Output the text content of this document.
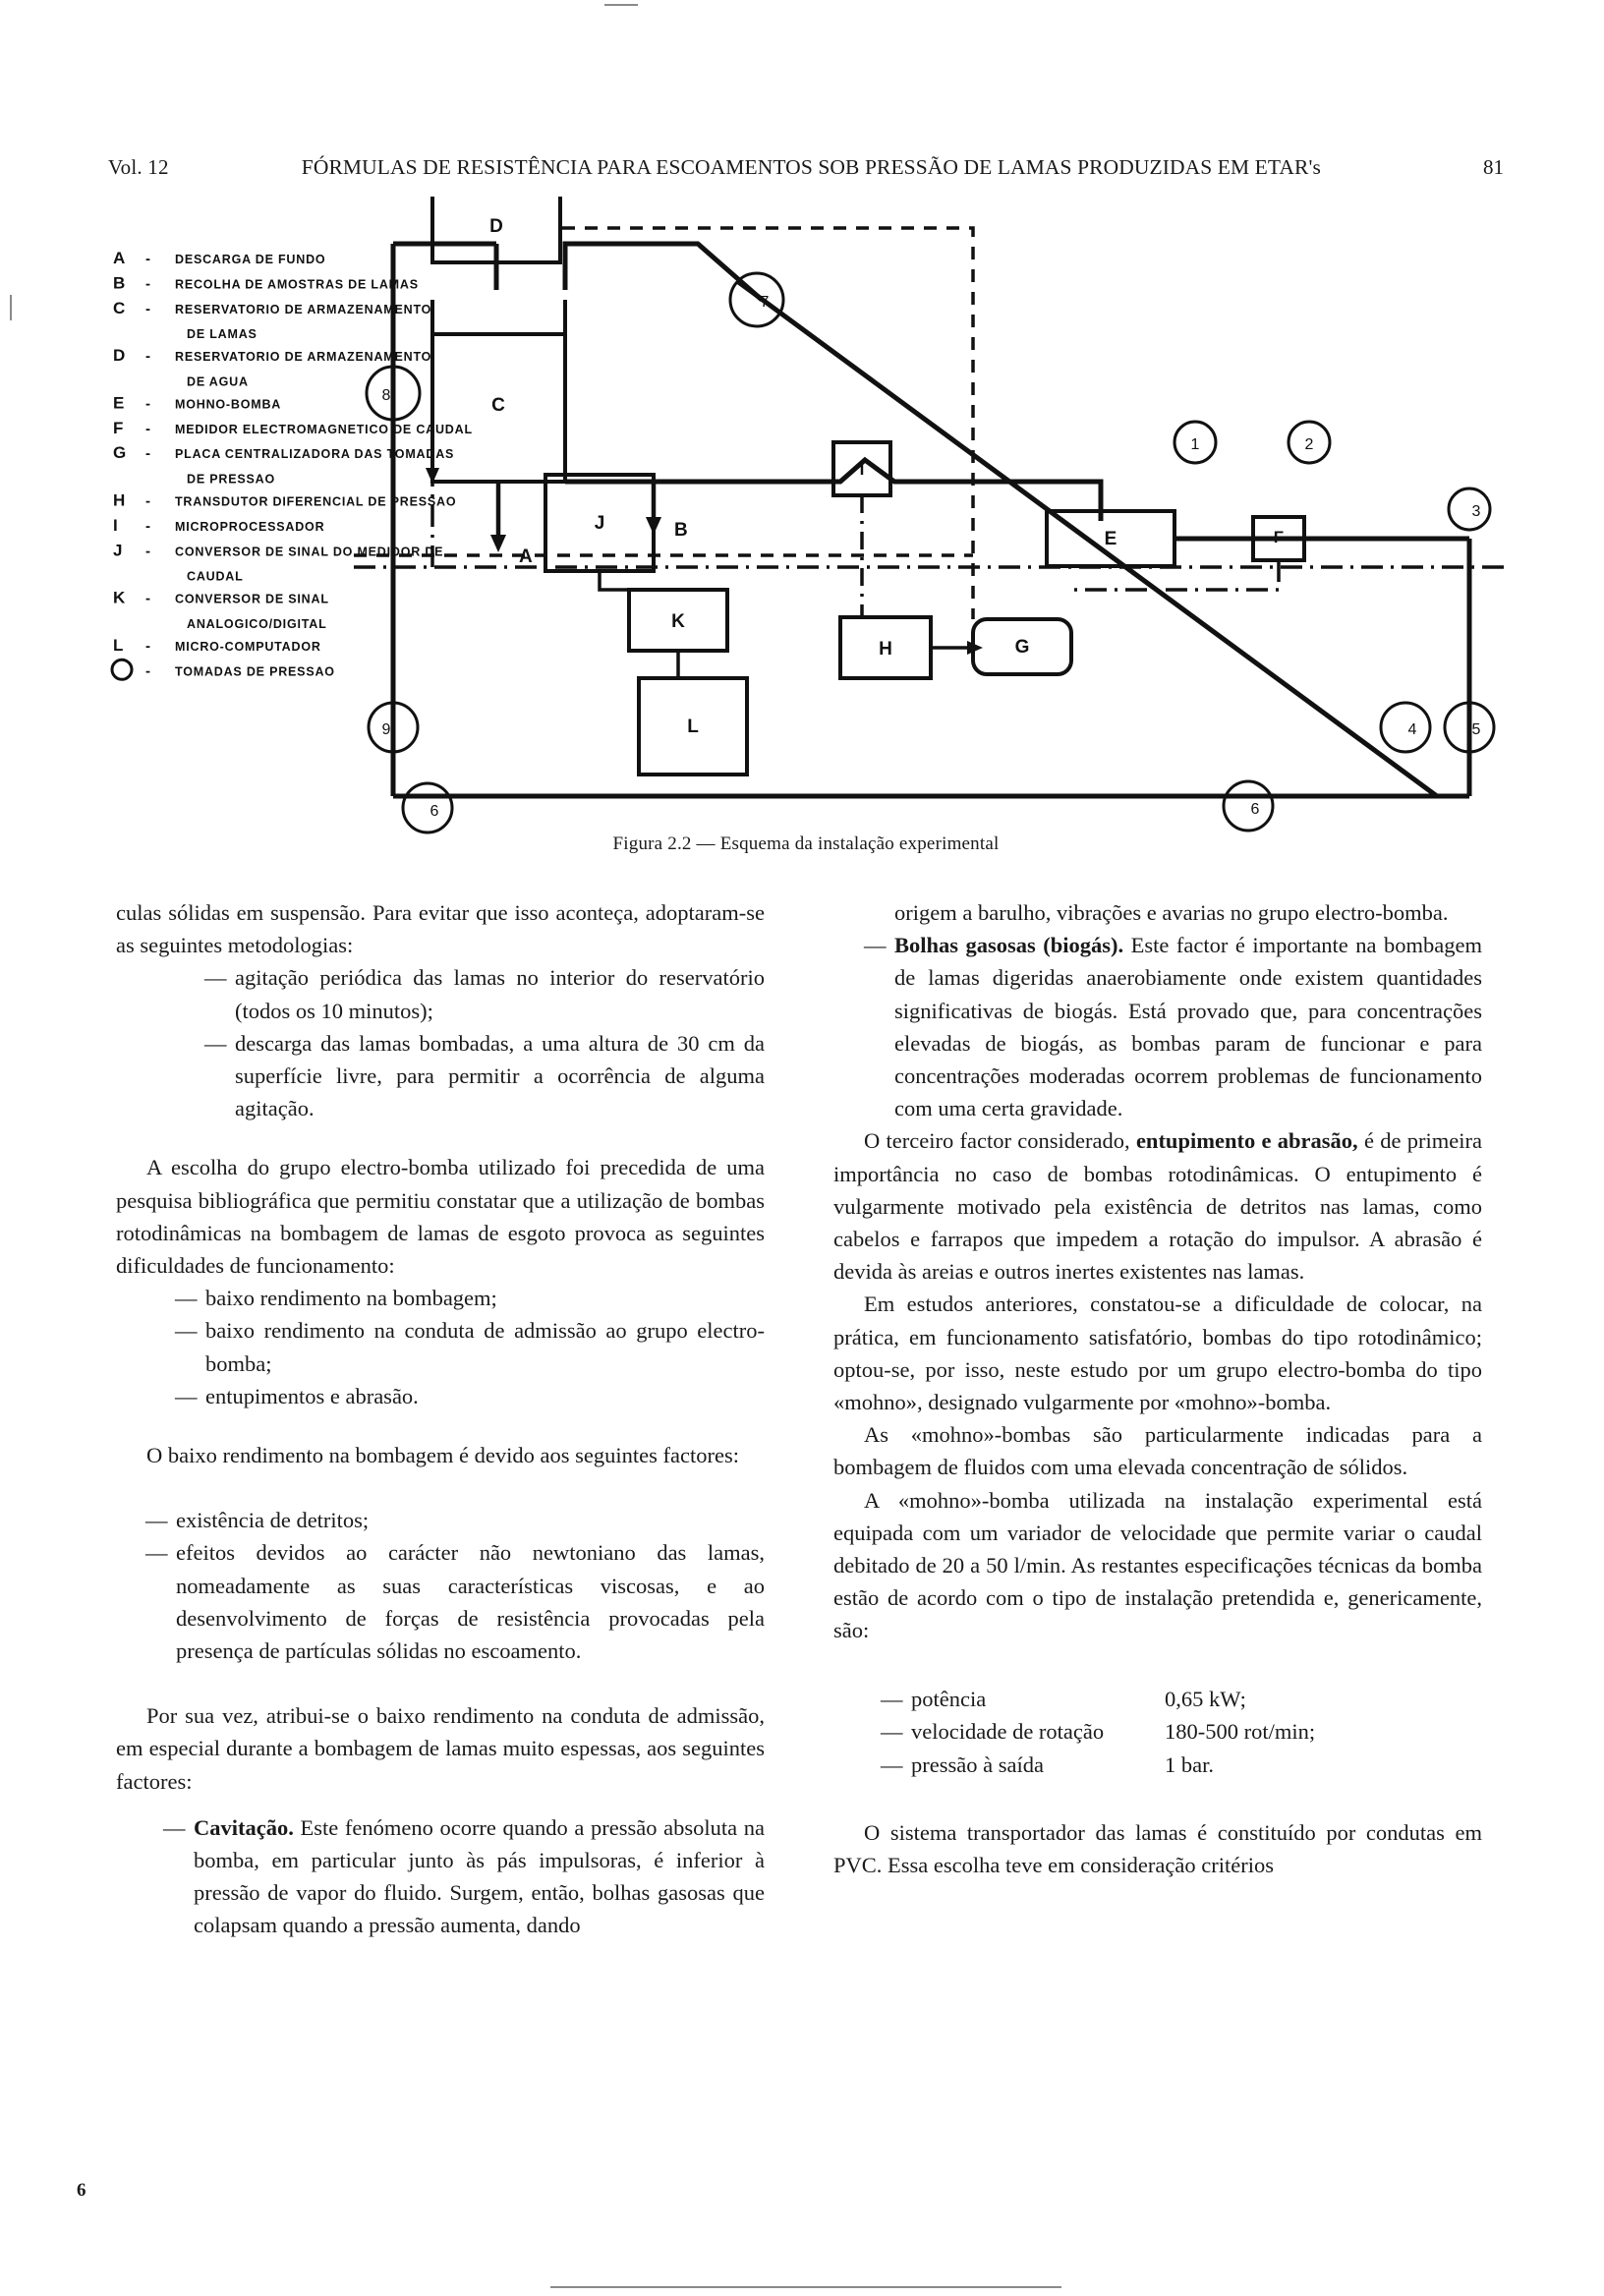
Vol. 12	FÓRMULAS DE RESISTÊNCIA PARA ESCOAMENTOS SOB PRESSÃO DE LAMAS PRODUZIDAS EM ETAR's	81
C
D
E	F
G
H
I
J
K
L
A
B
1	2
3
4	5
6
7
8
9
6
A - DESCARGA DE FUNDO
B - RECOLHA DE AMOSTRAS DE LAMAS
C - RESERVATORIO DE ARMAZENAMENTO
DE LAMAS
D - RESERVATORIO DE ARMAZENAMENTO
DE AGUA
E - MOHNO-BOMBA
F - MEDIDOR ELECTROMAGNETICO DE CAUDAL
G - PLACA CENTRALIZADORA DAS TOMADAS
DE PRESSAO
H - TRANSDUTOR DIFERENCIAL DE PRESSAO
I - MICROPROCESSADOR
J - CONVERSOR DE SINAL DO MEDIDOR DE
CAUDAL
K - CONVERSOR DE SINAL
ANALOGICO/DIGITAL
L - MICRO-COMPUTADOR
- TOMADAS DE PRESSAO
Figura 2.2 — Esquema da instalação experimental

culas sólidas em suspensão. Para evitar que isso aconteça, adoptaram-se as seguintes metodologias:

— agitação periódica das lamas no interior do reservatório (todos os 10 minutos);
— descarga das lamas bombadas, a uma altura de 30 cm da superfície livre, para permitir a ocorrência de alguma agitação.

A escolha do grupo electro-bomba utilizado foi precedida de uma pesquisa bibliográfica que permitiu constatar que a utilização de bombas rotodinâmicas na bombagem de lamas de esgoto provoca as seguintes dificuldades de funcionamento:

— baixo rendimento na bombagem;
— baixo rendimento na conduta de admissão ao grupo electro-bomba;
— entupimentos e abrasão.

O baixo rendimento na bombagem é devido aos seguintes factores:

— existência de detritos;
— efeitos devidos ao carácter não newtoniano das lamas, nomeadamente as suas características viscosas, e ao desenvolvimento de forças de resistência provocadas pela presença de partículas sólidas no escoamento.

Por sua vez, atribui-se o baixo rendimento na conduta de admissão, em especial durante a bombagem de lamas muito espessas, aos seguintes factores:

— Cavitação. Este fenómeno ocorre quando a pressão absoluta na bomba, em particular junto às pás impulsoras, é inferior à pressão de vapor do fluido. Surgem, então, bolhas gasosas que colapsam quando a pressão aumenta, dando
origem a barulho, vibrações e avarias no grupo electro-bomba.
— Bolhas gasosas (biogás). Este factor é importante na bombagem de lamas digeridas anaerobiamente onde existem quantidades significativas de biogás. Está provado que, para concentrações elevadas de biogás, as bombas param de funcionar e para concentrações moderadas ocorrem problemas de funcionamento com uma certa gravidade.

O terceiro factor considerado, entupimento e abrasão, é de primeira importância no caso de bombas rotodinâmicas. O entupimento é vulgarmente motivado pela existência de detritos nas lamas, como cabelos e farrapos que impedem a rotação do impulsor. A abrasão é devida às areias e outros inertes existentes nas lamas.

Em estudos anteriores, constatou-se a dificuldade de colocar, na prática, em funcionamento satisfatório, bombas do tipo rotodinâmico; optou-se, por isso, neste estudo por um grupo electro-bomba do tipo «mohno», designado vulgarmente por «mohno»-bomba.

As «mohno»-bombas são particularmente indicadas para a bombagem de fluidos com uma elevada concentração de sólidos.

A «mohno»-bomba utilizada na instalação experimental está equipada com um variador de velocidade que permite variar o caudal debitado de 20 a 50 l/min. As restantes especificações técnicas da bomba estão de acordo com o tipo de instalação pretendida e, genericamente, são:

— potência	0,65 kW;
— velocidade de rotação	180-500 rot/min;
— pressão à saída	1 bar.

O sistema transportador das lamas é constituído por condutas em PVC. Essa escolha teve em consideração critérios

6
